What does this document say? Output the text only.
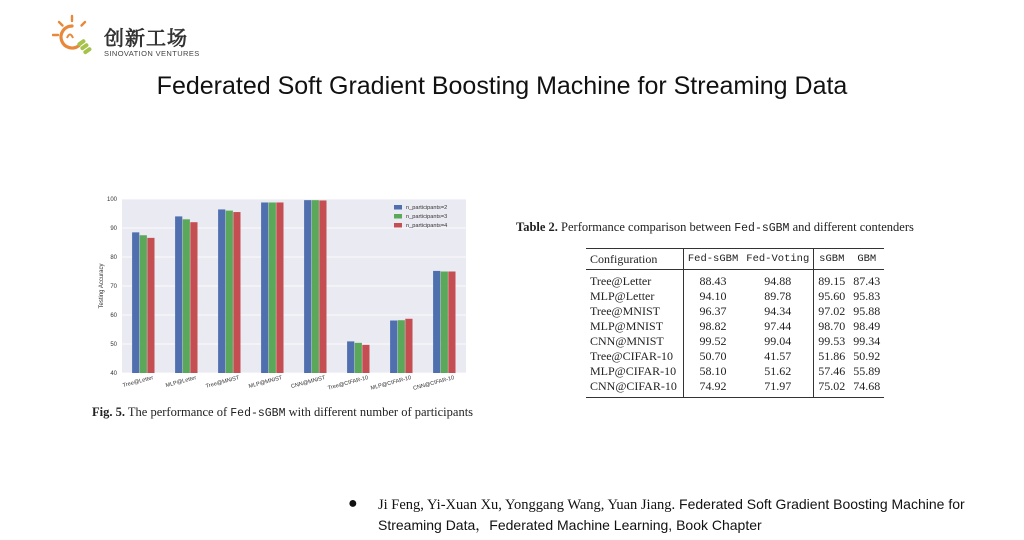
创新工场
SINOVATION VENTURES
Federated Soft Gradient Boosting Machine for Streaming Data
40
50
60
70
80
90
100
Tree@Letter MLP@Letter Tree@MNIST MLP@MNIST CNN@MNIST Tree@CIFAR-10 MLP@CIFAR-10 CNN@CIFAR-10
Testing Accuracy
n_participants=2
n_participants=3
n_participants=4
Fig. 5. The performance of Fed-sGBM with different number of participants
Table 2. Performance comparison between Fed-sGBM and different contenders
Configuration	Fed-sGBM	Fed-Voting	sGBM	GBM
Tree@Letter	88.43	94.88	89.15	87.43
MLP@Letter	94.10	89.78	95.60	95.83
Tree@MNIST	96.37	94.34	97.02	95.88
MLP@MNIST	98.82	97.44	98.70	98.49
CNN@MNIST	99.52	99.04	99.53	99.34
Tree@CIFAR-10	50.70	41.57	51.86	50.92
MLP@CIFAR-10	58.10	51.62	57.46	55.89
CNN@CIFAR-10	74.92	71.97	75.02	74.68
● Ji Feng, Yi-Xuan Xu, Yonggang Wang, Yuan Jiang. Federated Soft Gradient Boosting Machine for Streaming Data，Federated Machine Learning, Book Chapter
